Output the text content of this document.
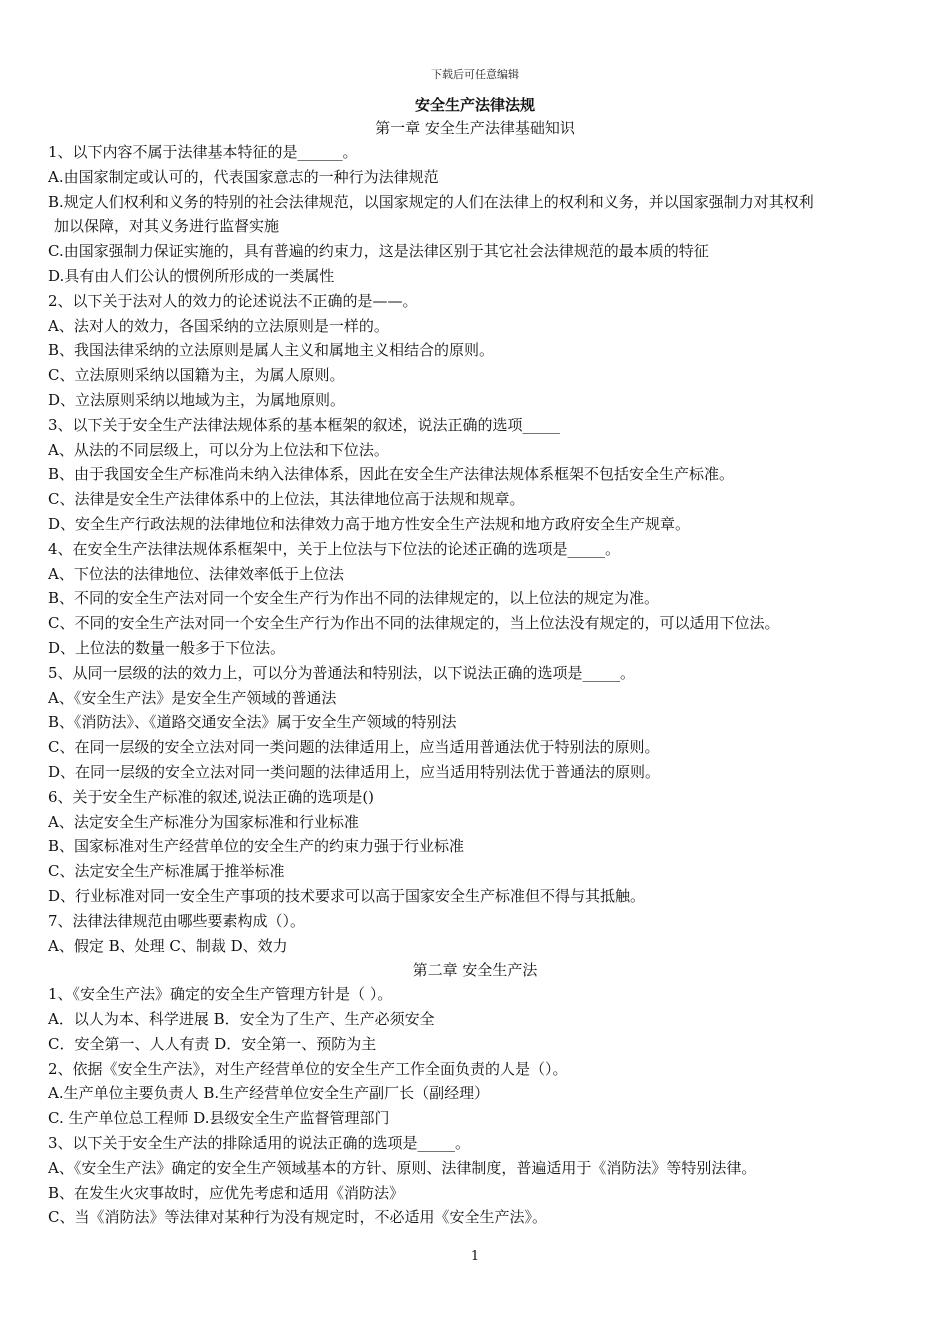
下载后可任意编辑
安全生产法律法规
第一章 安全生产法律基础知识
1、以下内容不属于法律基本特征的是______。
A.由国家制定或认可的，代表国家意志的一种行为法律规范
B.规定人们权利和义务的特别的社会法律规范，以国家规定的人们在法律上的权利和义务，并以国家强制力对其权利
加以保障，对其义务进行监督实施
C.由国家强制力保证实施的，具有普遍的约束力，这是法律区别于其它社会法律规范的最本质的特征
D.具有由人们公认的惯例所形成的一类属性
2、以下关于法对人的效力的论述说法不正确的是——。
A、法对人的效力，各国采纳的立法原则是一样的。
B、我国法律采纳的立法原则是属人主义和属地主义相结合的原则。
C、立法原则采纳以国籍为主，为属人原则。
D、立法原则采纳以地域为主，为属地原则。
3、以下关于安全生产法律法规体系的基本框架的叙述，说法正确的选项_____
A、从法的不同层级上，可以分为上位法和下位法。
B、由于我国安全生产标准尚未纳入法律体系，因此在安全生产法律法规体系框架不包括安全生产标准。
C、法律是安全生产法律体系中的上位法，其法律地位高于法规和规章。
D、安全生产行政法规的法律地位和法律效力高于地方性安全生产法规和地方政府安全生产规章。
4、在安全生产法律法规体系框架中，关于上位法与下位法的论述正确的选项是_____。
A、下位法的法律地位、法律效率低于上位法
B、不同的安全生产法对同一个安全生产行为作出不同的法律规定的，以上位法的规定为准。
C、不同的安全生产法对同一个安全生产行为作出不同的法律规定的，当上位法没有规定的，可以适用下位法。
D、上位法的数量一般多于下位法。
5、从同一层级的法的效力上，可以分为普通法和特别法，以下说法正确的选项是_____。
A、《安全生产法》是安全生产领域的普通法
B、《消防法》、《道路交通安全法》属于安全生产领域的特别法
C、在同一层级的安全立法对同一类问题的法律适用上，应当适用普通法优于特别法的原则。
D、在同一层级的安全立法对同一类问题的法律适用上，应当适用特别法优于普通法的原则。
6、关于安全生产标准的叙述,说法正确的选项是()
A、法定安全生产标准分为国家标准和行业标准
B、国家标准对生产经营单位的安全生产的约束力强于行业标准
C、法定安全生产标准属于推举标准
D、行业标准对同一安全生产事项的技术要求可以高于国家安全生产标准但不得与其抵触。
7、法律法律规范由哪些要素构成（）。
A、假定 B、处理 C、制裁 D、效力
第二章 安全生产法
1、《安全生产法》确定的安全生产管理方针是（ ）。
A．以人为本、科学进展 B．安全为了生产、生产必须安全
C．安全第一、人人有责 D．安全第一、预防为主
2、依据《安全生产法》，对生产经营单位的安全生产工作全面负责的人是（）。
A.生产单位主要负责人 B.生产经营单位安全生产副厂长（副经理）
C. 生产单位总工程师 D.县级安全生产监督管理部门
3、以下关于安全生产法的排除适用的说法正确的选项是_____。
A、《安全生产法》确定的安全生产领域基本的方针、原则、法律制度，普遍适用于《消防法》等特别法律。
B、在发生火灾事故时，应优先考虑和适用《消防法》
C、当《消防法》等法律对某种行为没有规定时，不必适用《安全生产法》。
1
